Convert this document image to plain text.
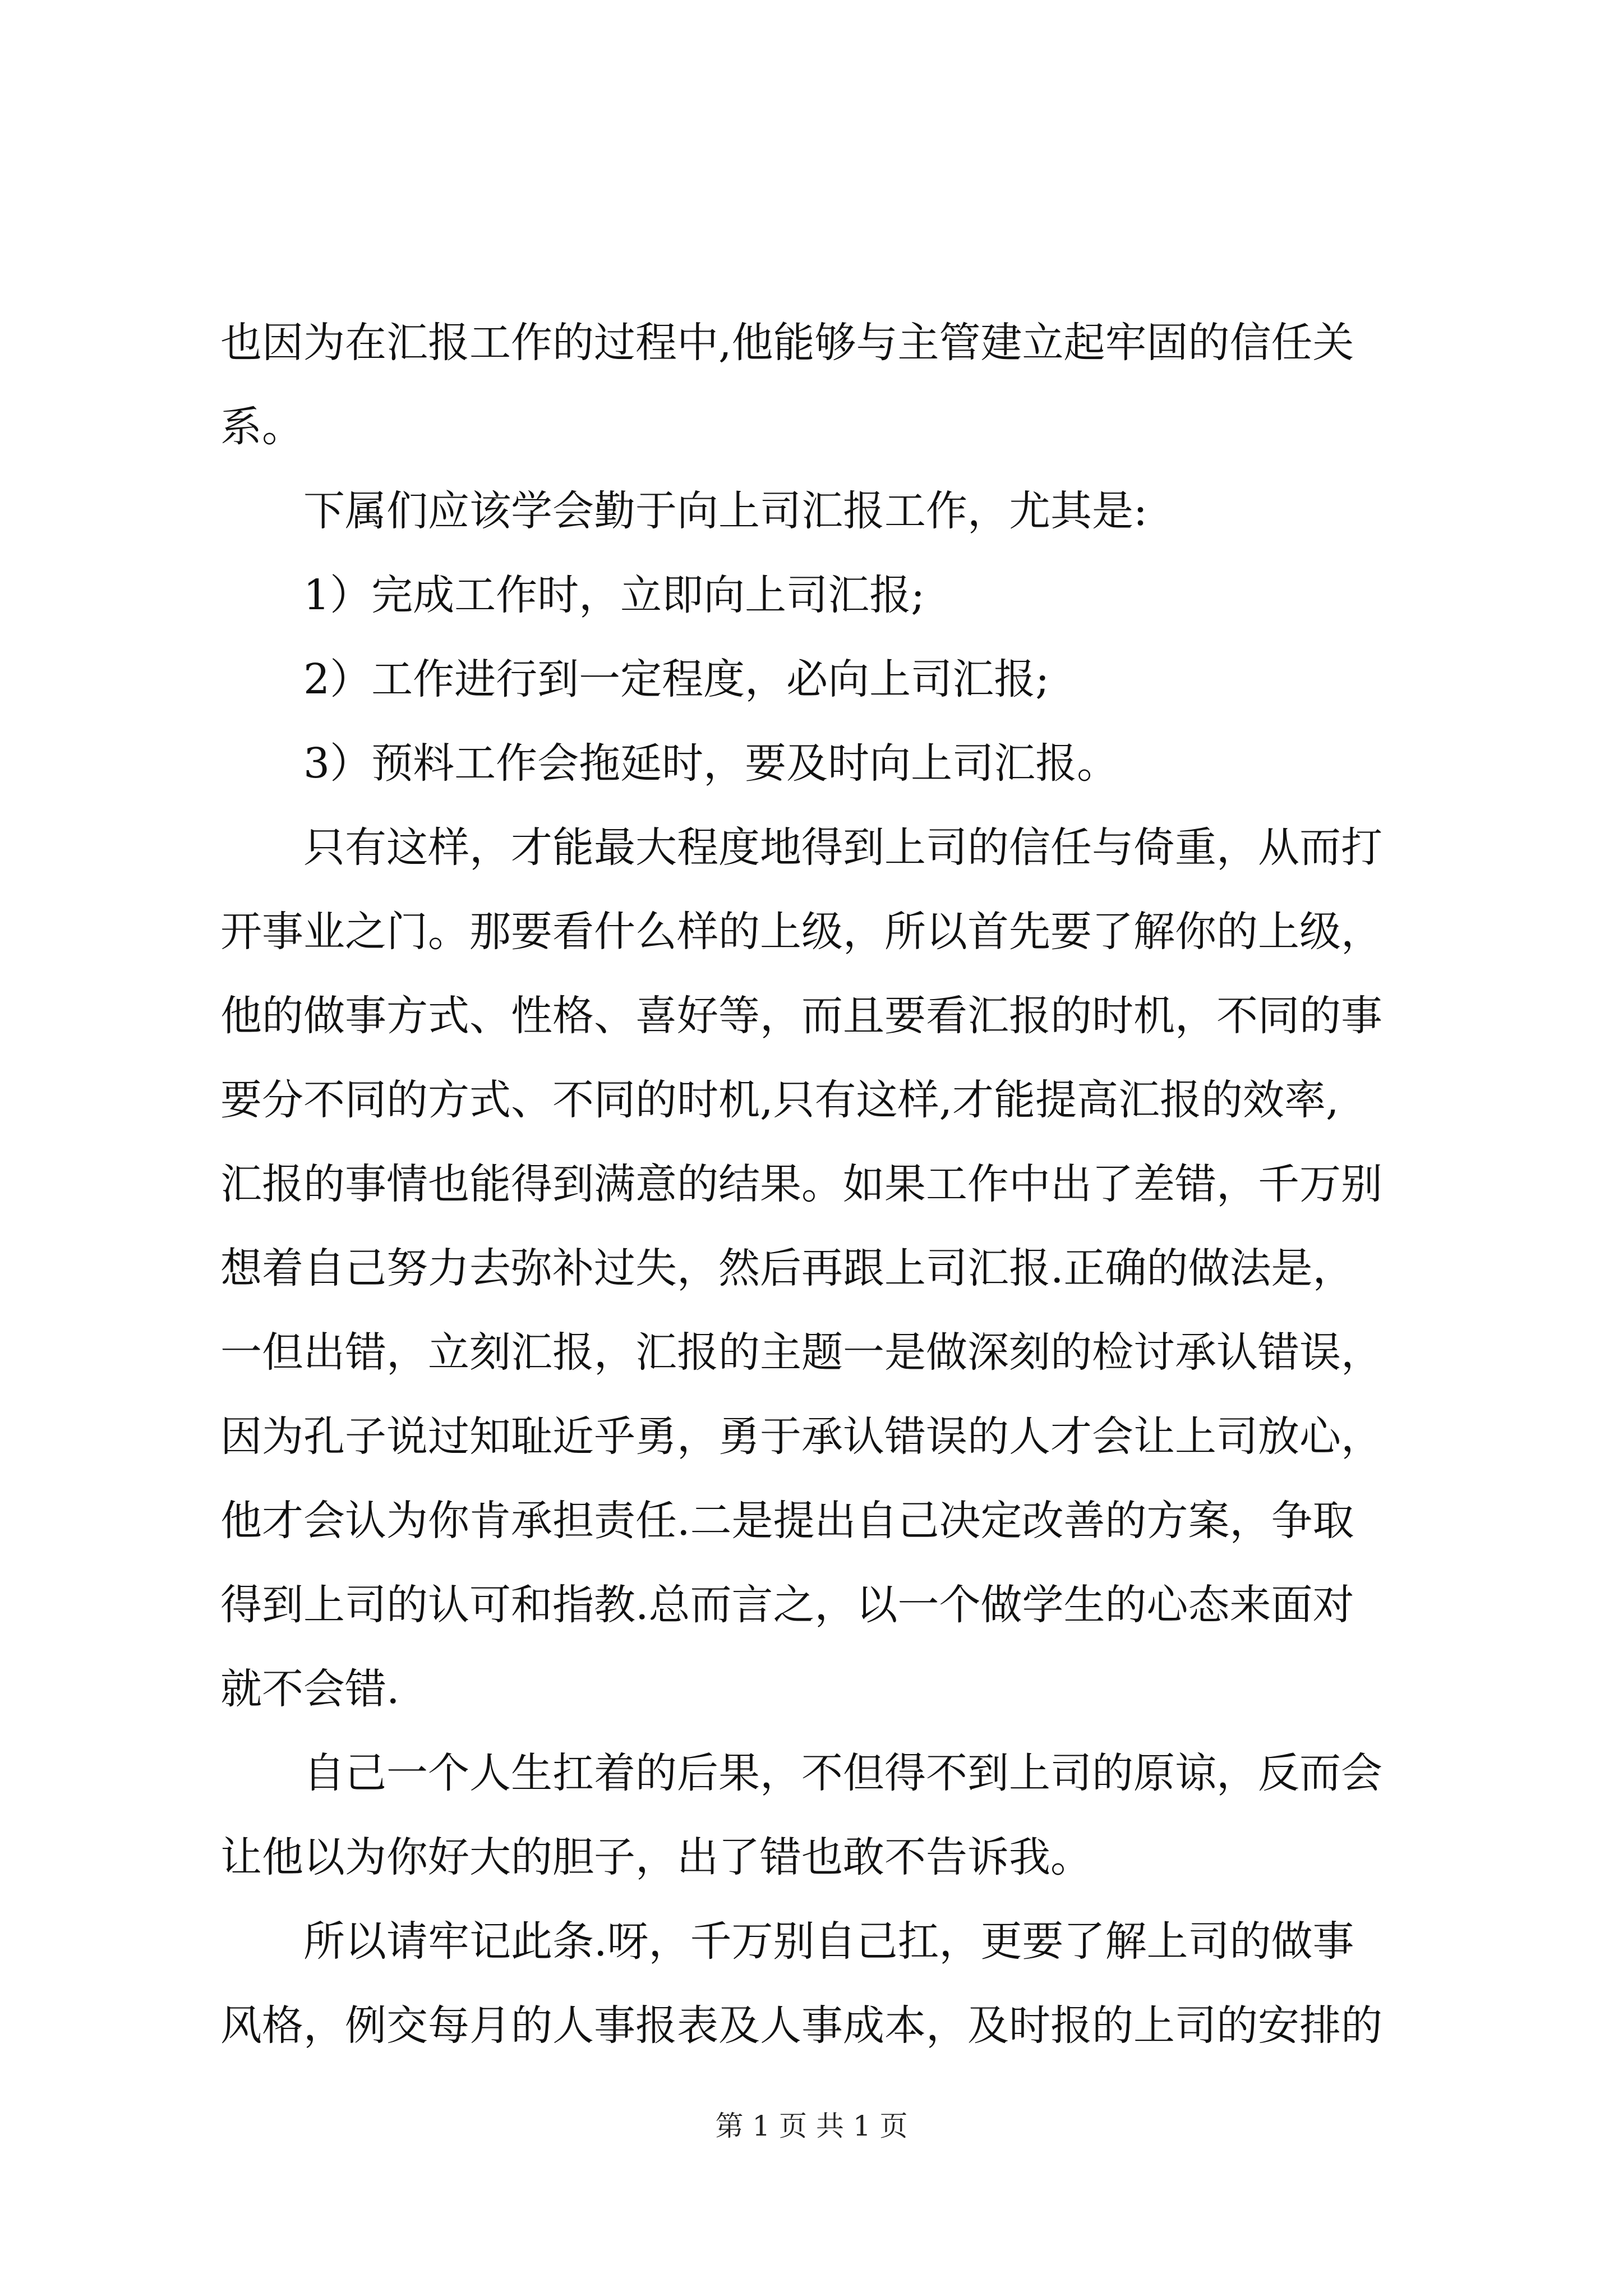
也因为在汇报工作的过程中,他能够与主管建立起牢固的信任关
系。
下属们应该学会勤于向上司汇报工作，尤其是:
1）完成工作时，立即向上司汇报;
2）工作进行到一定程度，必向上司汇报;
3）预料工作会拖延时，要及时向上司汇报。
只有这样，才能最大程度地得到上司的信任与倚重，从而打
开事业之门。那要看什么样的上级，所以首先要了解你的上级，
他的做事方式、性格、喜好等，而且要看汇报的时机，不同的事
要分不同的方式、不同的时机,只有这样,才能提高汇报的效率,
汇报的事情也能得到满意的结果。如果工作中出了差错，千万别
想着自己努力去弥补过失，然后再跟上司汇报.正确的做法是，
一但出错，立刻汇报，汇报的主题一是做深刻的检讨承认错误，
因为孔子说过知耻近乎勇，勇于承认错误的人才会让上司放心，
他才会认为你肯承担责任.二是提出自己决定改善的方案，争取
得到上司的认可和指教.总而言之，以一个做学生的心态来面对
就不会错.
自己一个人生扛着的后果，不但得不到上司的原谅，反而会
让他以为你好大的胆子，出了错也敢不告诉我。
所以请牢记此条.呀，千万别自己扛，更要了解上司的做事
风格，例交每月的人事报表及人事成本，及时报的上司的安排的
第 1 页 共 1 页
